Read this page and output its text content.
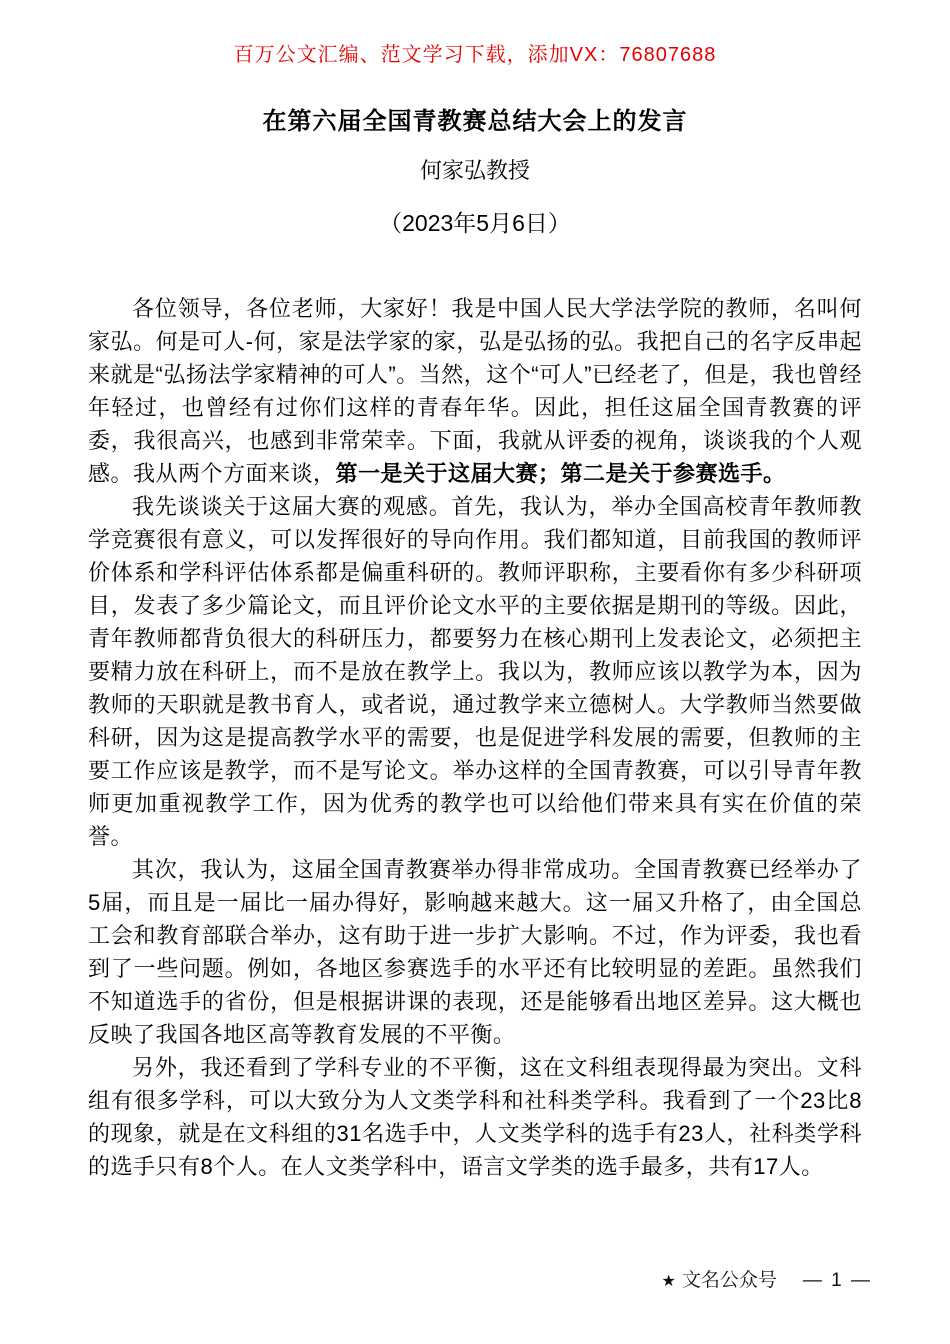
百万公文汇编、范文学习下载，添加VX：76807688
在第六届全国青教赛总结大会上的发言
何家弘教授
（2023年5月6日）

各位领导，各位老师，大家好！我是中国人民大学法学院的教师，名叫何家弘。何是可人-何，家是法学家的家，弘是弘扬的弘。我把自己的名字反串起来就是“弘扬法学家精神的可人”。当然，这个“可人”已经老了，但是，我也曾经年轻过，也曾经有过你们这样的青春年华。因此，担任这届全国青教赛的评委，我很高兴，也感到非常荣幸。下面，我就从评委的视角，谈谈我的个人观感。我从两个方面来谈，第一是关于这届大赛；第二是关于参赛选手。

我先谈谈关于这届大赛的观感。首先，我认为，举办全国高校青年教师教学竞赛很有意义，可以发挥很好的导向作用。我们都知道，目前我国的教师评价体系和学科评估体系都是偏重科研的。教师评职称，主要看你有多少科研项目，发表了多少篇论文，而且评价论文水平的主要依据是期刊的等级。因此，青年教师都背负很大的科研压力，都要努力在核心期刊上发表论文，必须把主要精力放在科研上，而不是放在教学上。我以为，教师应该以教学为本，因为教师的天职就是教书育人，或者说，通过教学来立德树人。大学教师当然要做科研，因为这是提高教学水平的需要，也是促进学科发展的需要，但教师的主要工作应该是教学，而不是写论文。举办这样的全国青教赛，可以引导青年教师更加重视教学工作，因为优秀的教学也可以给他们带来具有实在价值的荣誉。

其次，我认为，这届全国青教赛举办得非常成功。全国青教赛已经举办了5届，而且是一届比一届办得好，影响越来越大。这一届又升格了，由全国总工会和教育部联合举办，这有助于进一步扩大影响。不过，作为评委，我也看到了一些问题。例如，各地区参赛选手的水平还有比较明显的差距。虽然我们不知道选手的省份，但是根据讲课的表现，还是能够看出地区差异。这大概也反映了我国各地区高等教育发展的不平衡。

另外，我还看到了学科专业的不平衡，这在文科组表现得最为突出。文科组有很多学科，可以大致分为人文类学科和社科类学科。我看到了一个23比8的现象，就是在文科组的31名选手中，人文类学科的选手有23人，社科类学科的选手只有8个人。在人文类学科中，语言文学类的选手最多，共有17人。

★ 文名公众号 — 1 —
